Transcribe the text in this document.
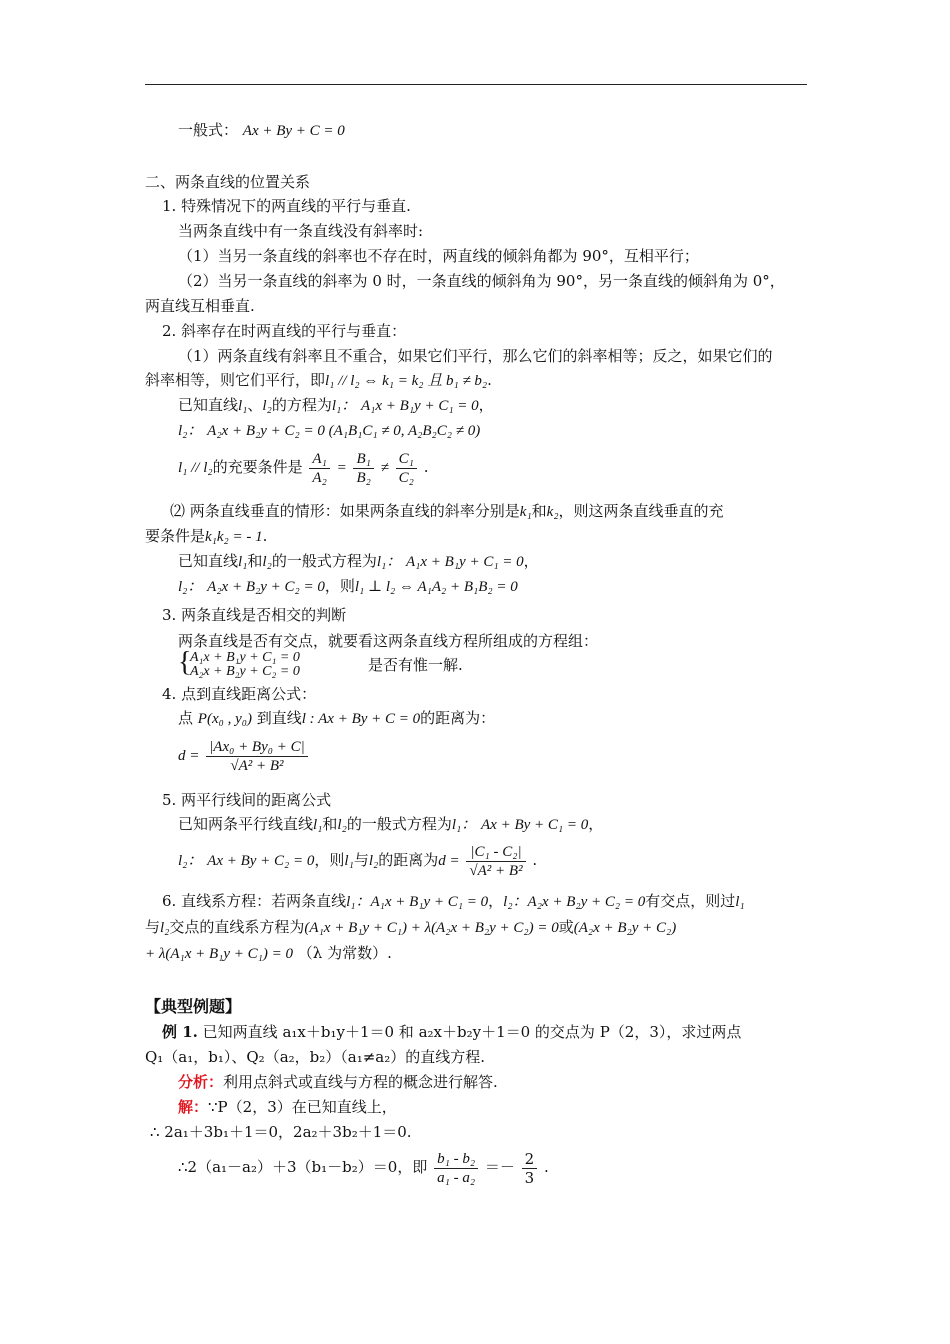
一般式： Ax + By + C = 0
二、两条直线的位置关系
1. 特殊情况下的两直线的平行与垂直.
当两条直线中有一条直线没有斜率时:
（1）当另一条直线的斜率也不存在时，两直线的倾斜角都为 90°，互相平行；
（2）当另一条直线的斜率为 0 时，一条直线的倾斜角为 90°，另一条直线的倾斜角为 0°，
两直线互相垂直.
2. 斜率存在时两直线的平行与垂直：
（1）两条直线有斜率且不重合，如果它们平行，那么它们的斜率相等；反之，如果它们的
斜率相等，则它们平行，即l₁ // l₂ ⇔ k₁ = k₂ 且 b₁ ≠ b₂.
已知直线l₁、l₂的方程为l₁： A₁x + B₁y + C₁ = 0，
l₂： A₂x + B₂y + C₂ = 0 (A₁B₁C₁ ≠ 0, A₂B₂C₂ ≠ 0)
l₁ // l₂的充要条件是 $\frac{\text{A₁}}{\text{A₂}} = \frac{\text{B₁}}{\text{B₂}} \ne \frac{\text{C₁}}{\text{C₂}}$ .
⑵ 两条直线垂直的情形：如果两条直线的斜率分别是k₁和k₂，则这两条直线垂直的充
要条件是k₁k₂ = - 1.
已知直线l₁和l₂的一般式方程为l₁： A₁x + B₁y + C₁ = 0，
l₂： A₂x + B₂y + C₂ = 0，则l₁ ⊥ l₂ ⇔ A₁A₂ + B₁B₂ = 0
3. 两条直线是否相交的判断
两条直线是否有交点，就要看这两条直线方程所组成的方程组：
{
A₁x + B₁y + C₁ = 0
A₂x + B₂y + C₂ = 0	是否有惟一解.
4. 点到直线距离公式：
点 P(x₀ , y₀) 到直线l : Ax + By + C = 0的距离为：
$d = \frac{\text{|Ax₀ + By₀ + C|}}{\text{√A² + B²}}$
5. 两平行线间的距离公式
已知两条平行线直线l₁和l₂的一般式方程为l₁： Ax + By + C₁ = 0，
l₂： Ax + By + C₂ = 0，则l₁与l₂的距离为$d = \frac{\text{|C₁ - C₂|}}{\text{√A² + B²}}$ .
6. 直线系方程：若两条直线l₁：A₁x + B₁y + C₁ = 0，l₂：A₂x + B₂y + C₂ = 0有交点，则过l₁
与l₂交点的直线系方程为(A₁x + B₁y + C₁) + λ(A₂x + B₂y + C₂) = 0或(A₂x + B₂y + C₂)
+ λ(A₁x + B₁y + C₁) = 0 （λ 为常数）.
【典型例题】
例 1. 已知两直线 a₁x＋b₁y＋1＝0 和 a₂x＋b₂y＋1＝0 的交点为 P（2，3），求过两点
Q₁（a₁，b₁）、Q₂（a₂，b₂）（a₁≠a₂）的直线方程.
分析：利用点斜式或直线与方程的概念进行解答.
解：∵P（2，3）在已知直线上，
∴ 2a₁＋3b₁＋1＝0，2a₂＋3b₂＋1＝0.
∴2（a₁－a₂）＋3（b₁－b₂）＝0，即 $\frac{\text{b₁ - b₂}}{\text{a₁ - a₂}} =- \frac{2}{3}$ .
